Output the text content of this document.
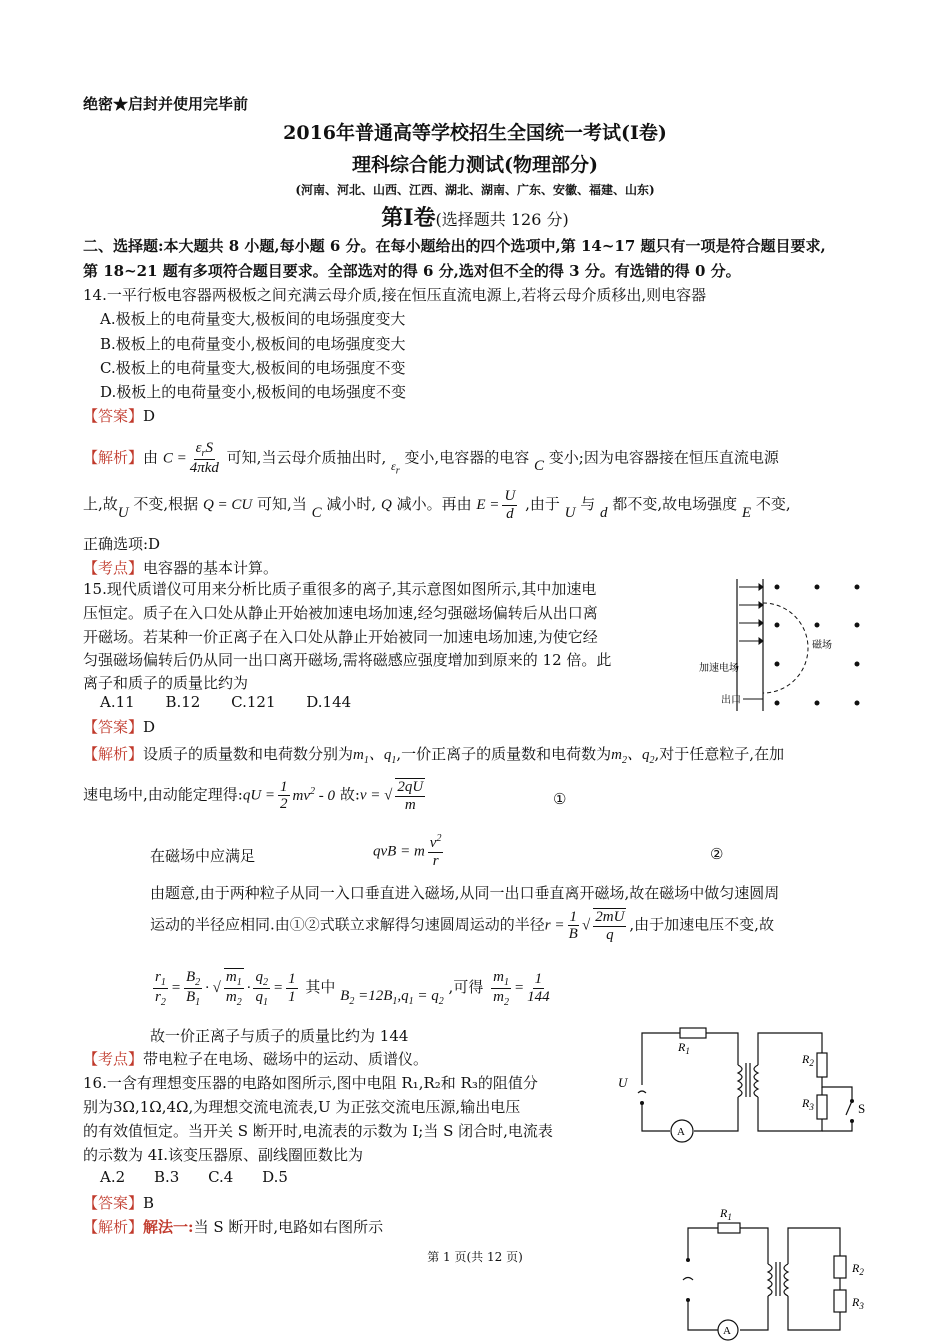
绝密★启封并使用完毕前
2016年普通高等学校招生全国统一考试(Ⅰ卷)
理科综合能力测试(物理部分)
(河南、河北、山西、江西、湖北、湖南、广东、安徽、福建、山东)
第Ⅰ卷(选择题共 126 分)
二、选择题:本大题共 8 小题,每小题 6 分。在每小题给出的四个选项中,第 14~17 题只有一项是符合题目要求,
第 18~21 题有多项符合题目要求。全部选对的得 6 分,选对但不全的得 3 分。有选错的得 0 分。
14.一平行板电容器两极板之间充满云母介质,接在恒压直流电源上,若将云母介质移出,则电容器
A.极板上的电荷量变大,极板间的电场强度变大
B.极板上的电荷量变小,极板间的电场强度变大
C.极板上的电荷量变大,极板间的电场强度不变
D.极板上的电荷量变小,极板间的电场强度不变
【答案】D
【解析】由 $C = \frac{\varepsilon_rS}{\text{4πkd}}$ 可知,当云母介质抽出时, $_{\varepsilon_r}$ 变小,电容器的电容 C 变小;因为电容器接在恒压直流电源
上,故U 不变,根据 Q = CU 可知,当 C 减小时, Q 减小。再由 $E = \frac{U}{d}$ ,由于 U 与 d 都不变,故电场强度 E 不变,
正确选项:D
【考点】电容器的基本计算。
15.现代质谱仪可用来分析比质子重很多的离子,其示意图如图所示,其中加速电
压恒定。质子在入口处从静止开始被加速电场加速,经匀强磁场偏转后从出口离
开磁场。若某种一价正离子在入口处从静止开始被同一加速电场加速,为使它经
匀强磁场偏转后仍从同一出口离开磁场,需将磁感应强度增加到原来的 12 倍。此
离子和质子的质量比约为
A.11 B.12 C.121 D.144
【答案】D
磁场
加速电场
出口
【解析】设质子的质量数和电荷数分别为$m_1$、$q_1$,一价正离子的质量数和电荷数为$m_2$、$q_2$,对于任意粒子,在加
速电场中,由动能定理得:qU = $\frac{1}{2} mv^2 - 0$ 故:v = √ $\frac{2qU}{m}$	①
在磁场中应满足	qvB = m $\frac{v^2}{r}$	②
由题意,由于两种粒子从同一入口垂直进入磁场,从同一出口垂直离开磁场,故在磁场中做匀速圆周
运动的半径应相同.由①②式联立求解得匀速圆周运动的半径$r = \frac{1}{B}$ √ $\frac{2mU}{q}$ ,由于加速电压不变,故
$\frac{r_1}{r_2} = \frac{B_2}{B_1}$ · √ $\frac{m_1}{m_2} \cdot \frac{q_2}{q_1} = \frac{1}{1}$ 其中 $B_2 =12B_1,q_1 = q_2$ ,可得 $\frac{m_1}{m_2} = \frac{1}{144}$
故一价正离子与质子的质量比约为 144
【考点】带电粒子在电场、磁场中的运动、质谱仪。
16.一含有理想变压器的电路如图所示,图中电阻 R₁,R₂和 R₃的阻值分
别为3Ω,1Ω,4Ω,为理想交流电流表,U 为正弦交流电压源,输出电压
的有效值恒定。当开关 S 断开时,电流表的示数为 I;当 S 闭合时,电流表
的示数为 4I.该变压器原、副线圈匝数比为
A.2 B.3 C.4 D.5
【答案】B
【解析】解法一:当 S 断开时,电路如右图所示
$R_1$
$R_2$
$R_3$
U
S
A
$R_1$
$R_2$
$R_3$
A
第 1 页(共 12 页)
